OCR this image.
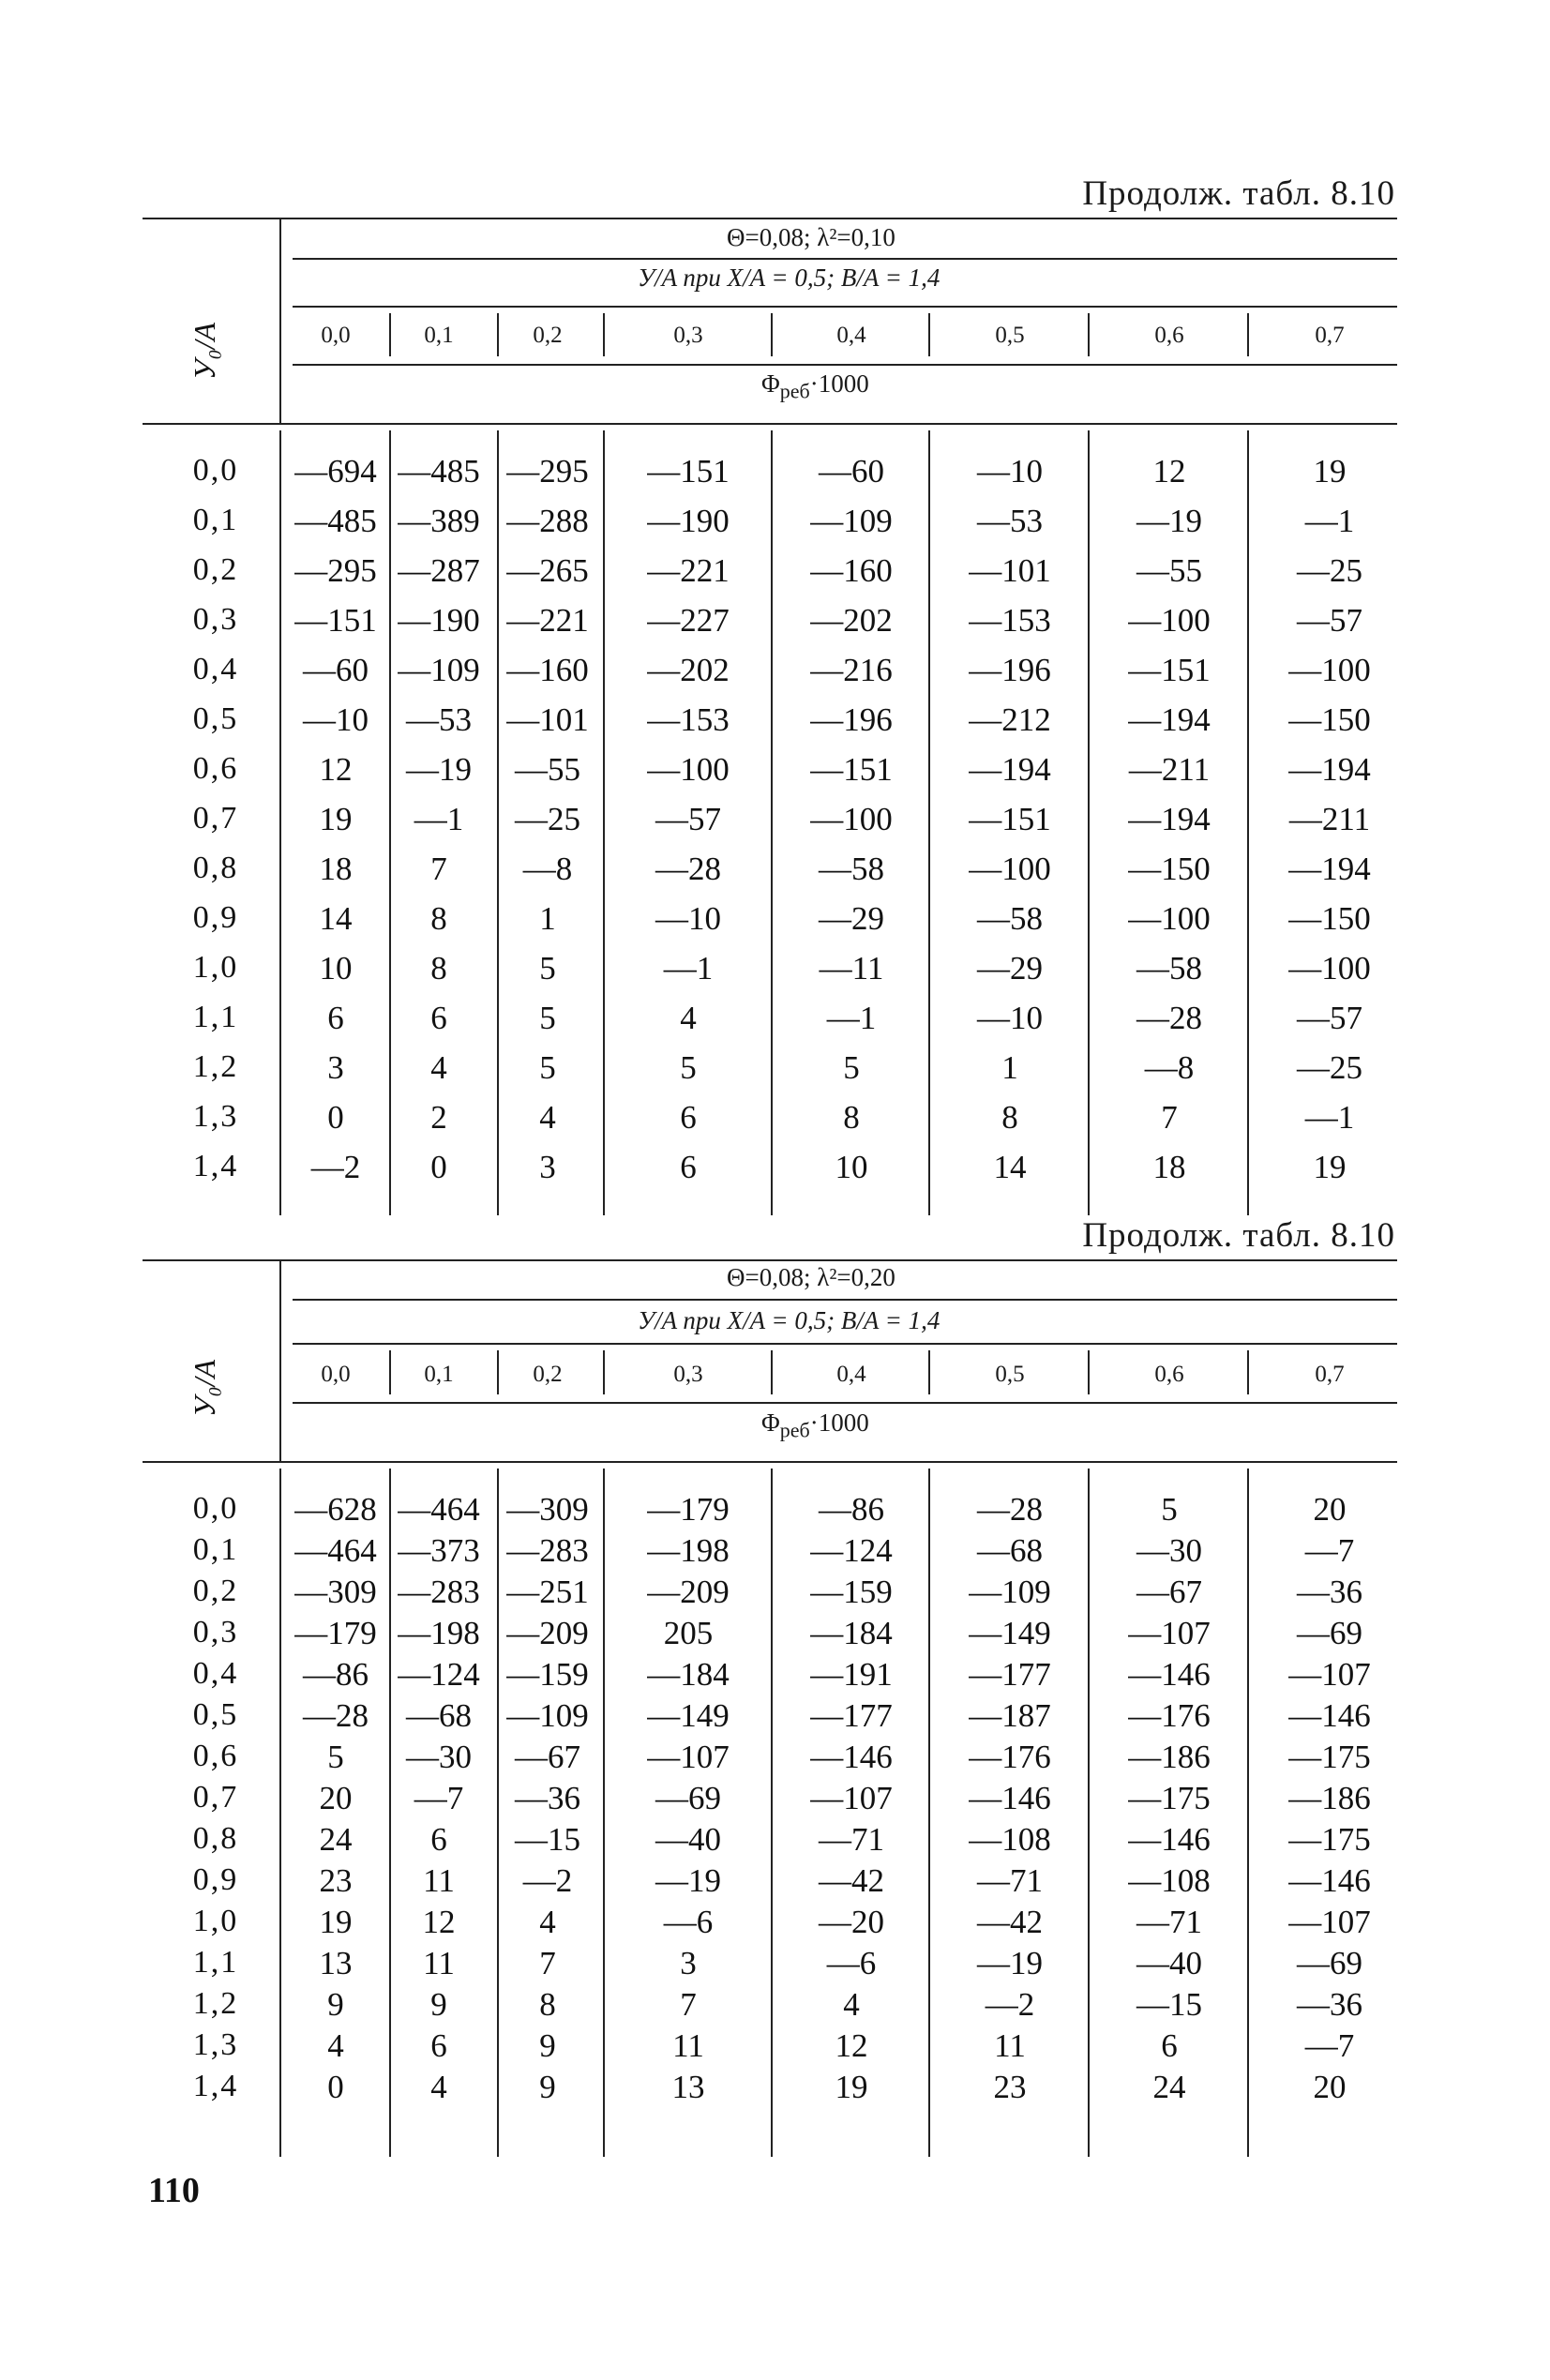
Продолж. табл. 8.10
Θ=0,08; λ²=0,10
У/A при X/A = 0,5; B/A = 1,4
У₀/A	0,0	0,1	0,2	0,3	0,4	0,5	0,6	0,7
$\Phi_{реб}\cdot 1000$
0,0	—694 —485 —295 —151	—60	—10	12	19
0,1	—485 —389 —288 —190 —109	—53	—19	—1
0,2	—295 —287 —265 —221 —160 —101	—55	—25
0,3	—151 —190 —221 —227 —202 —153 —100	—57
0,4	—60 —109 —160 —202 —216 —196 —151 —100
0,5	—10	—53	—101 —153 —196 —212 —194 —150
0,6	12	—19	—55	—100 —151 —194 —211 —194
0,7	19	—1	—25	—57	—100 —151 —194 —211
0,8	18	7	—8	—28	—58	—100 —150 —194
0,9	14	8	1	—10	—29	—58	—100 —150
1,0	10	8	5	—1	—11	—29	—58	—100
1,1	6	6	5	4	—1	—10	—28	—57
1,2	3	4	5	5	5	1	—8	—25
1,3	0	2	4	6	8	8	7	—1
1,4	—2	0	3	6	10	14	18	19
Продолж. табл. 8.10
Θ=0,08; λ²=0,20
У/A при X/A = 0,5; B/A = 1,4
У₀/A	0,0	0,1	0,2	0,3	0,4	0,5	0,6	0,7
$\Phi_{реб}\cdot 1000$
0,0	—628 —464 —309 —179	—86	—28	5	20
0,1	—464 —373 —283 —198 —124	—68	—30	—7
0,2	—309 —283 —251 —209 —159 —109	—67	—36
0,3	—179 —198 —209	205	—184 —149 —107	—69
0,4	—86 —124 —159 —184 —191 —177 —146 —107
0,5	—28	—68	—109 —149 —177 —187 —176 —146
0,6	5	—30	—67	—107 —146 —176 —186 —175
0,7	20	—7	—36	—69	—107 —146 —175 —186
0,8	24	6	—15	—40	—71	—108 —146 —175
0,9	23	11	—2	—19	—42	—71	—108 —146
1,0	19	12	4	—6	—20	—42	—71	—107
1,1	13	11	7	3	—6	—19	—40	—69
1,2	9	9	8	7	4	—2	—15	—36
1,3	4	6	9	11	12	11	6	—7
1,4	0	4	9	13	19	23	24	20
110
